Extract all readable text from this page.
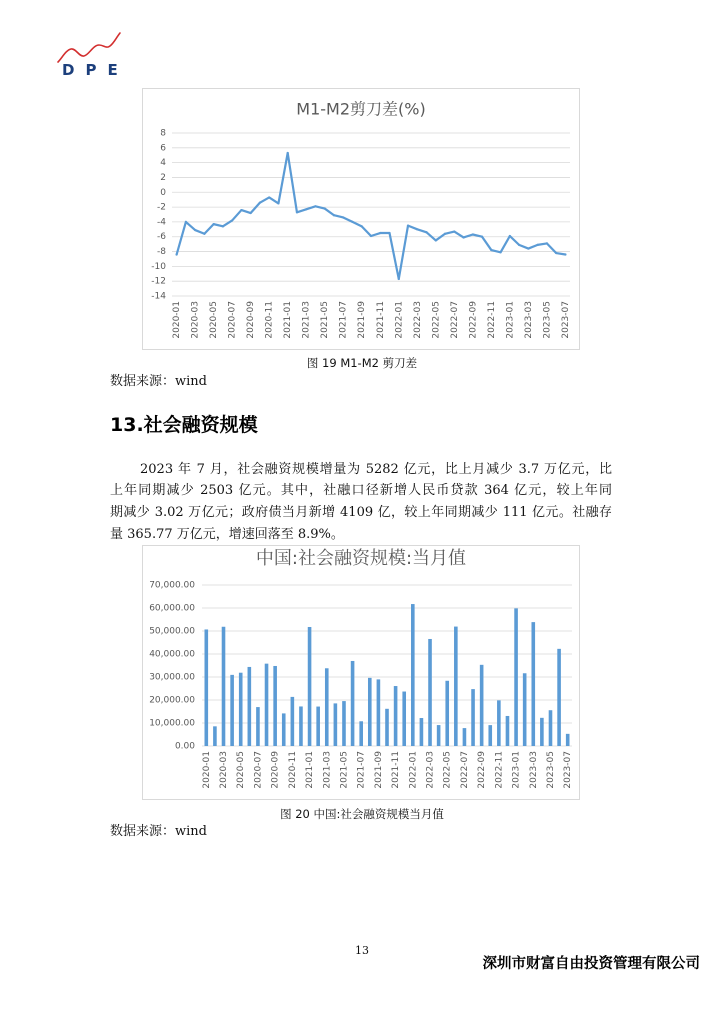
DPE
M1-M2剪刀差(%)
8
6
4
2
0
-2
-4
-6
-8
-10
-12
-14
2020-01 2020-03 2020-05 2020-07 2020-09 2020-11 2021-01 2021-03 2021-05 2021-07 2021-09 2021-11 2022-01 2022-03 2022-05 2022-07 2022-09 2022-11 2023-01 2023-03 2023-05 2023-07
图 19 M1-M2 剪刀差
数据来源：wind
13.社会融资规模
2023 年 7 月，社会融资规模增量为 5282 亿元，比上月减少 3.7 万亿元，比
上年同期减少 2503 亿元。其中，社融口径新增人民币贷款 364 亿元，较上年同
期减少 3.02 万亿元；政府债当月新增 4109 亿，较上年同期减少 111 亿元。社融存
量 365.77 万亿元，增速回落至 8.9%。
中国:社会融资规模:当月值
70,000.00
60,000.00
50,000.00
40,000.00
30,000.00
20,000.00
10,000.00
0.00
2020-01 2020-03 2020-05 2020-07 2020-09 2020-11 2021-01 2021-03 2021-05 2021-07 2021-09 2021-11 2022-01 2022-03 2022-05 2022-07 2022-09 2022-11 2023-01 2023-03 2023-05 2023-07
图 20 中国:社会融资规模当月值
数据来源：wind
13
深圳市财富自由投资管理有限公司
